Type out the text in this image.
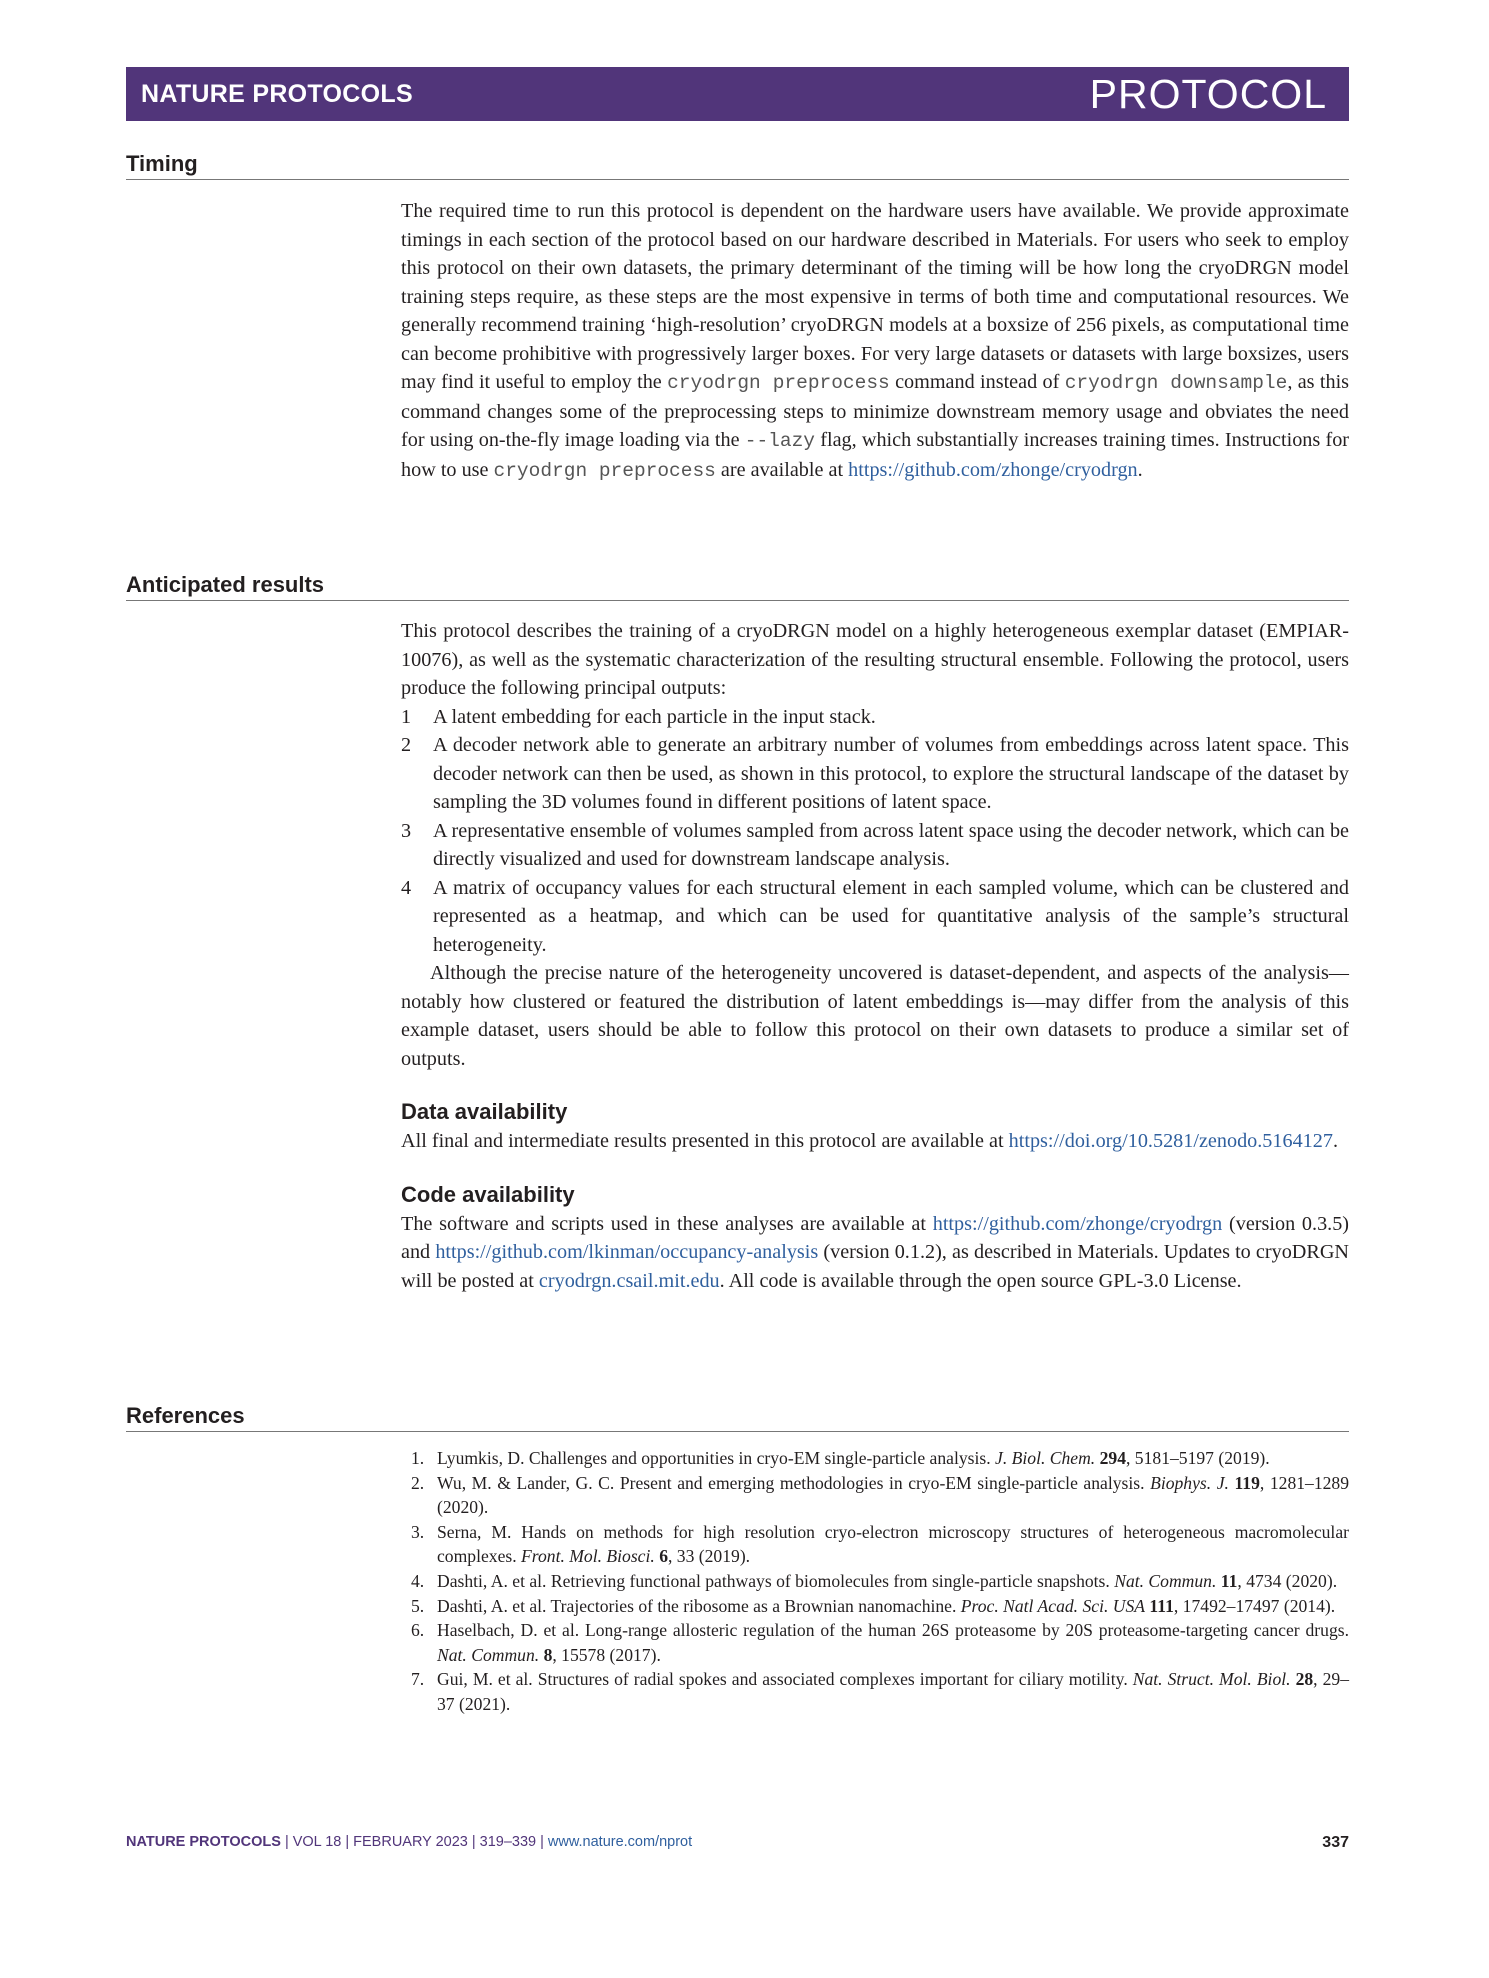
NATURE PROTOCOLS	PROTOCOL
Timing

The required time to run this protocol is dependent on the hardware users have available. We provide approximate timings in each section of the protocol based on our hardware described in Materials. For users who seek to employ this protocol on their own datasets, the primary determinant of the timing will be how long the cryoDRGN model training steps require, as these steps are the most expensive in terms of both time and computational resources. We generally recommend training ‘high-resolution’ cryoDRGN models at a boxsize of 256 pixels, as computational time can become prohibitive with progressively larger boxes. For very large datasets or datasets with large boxsizes, users may find it useful to employ the cryodrgn preprocess command instead of cryodrgn downsample, as this command changes some of the preprocessing steps to minimize downstream memory usage and obviates the need for using on-the-fly image loading via the --lazy flag, which substantially increases training times. Instructions for how to use cryodrgn preprocess are available at https://github.com/zhonge/cryodrgn.

Anticipated results

This protocol describes the training of a cryoDRGN model on a highly heterogeneous exemplar dataset (EMPIAR-10076), as well as the systematic characterization of the resulting structural ensemble. Following the protocol, users produce the following principal outputs:

1 A latent embedding for each particle in the input stack.
2 A decoder network able to generate an arbitrary number of volumes from embeddings across latent space. This decoder network can then be used, as shown in this protocol, to explore the structural landscape of the dataset by sampling the 3D volumes found in different positions of latent space.
3 A representative ensemble of volumes sampled from across latent space using the decoder network, which can be directly visualized and used for downstream landscape analysis.
4 A matrix of occupancy values for each structural element in each sampled volume, which can be clustered and represented as a heatmap, and which can be used for quantitative analysis of the sample’s structural heterogeneity.

Although the precise nature of the heterogeneity uncovered is dataset-dependent, and aspects of the analysis—notably how clustered or featured the distribution of latent embeddings is—may differ from the analysis of this example dataset, users should be able to follow this protocol on their own datasets to produce a similar set of outputs.

Data availability

All final and intermediate results presented in this protocol are available at https://doi.org/10.5281/zenodo.5164127.

Code availability

The software and scripts used in these analyses are available at https://github.com/zhonge/cryodrgn (version 0.3.5) and https://github.com/lkinman/occupancy-analysis (version 0.1.2), as described in Materials. Updates to cryoDRGN will be posted at cryodrgn.csail.mit.edu. All code is available through the open source GPL-3.0 License.

References
1. Lyumkis, D. Challenges and opportunities in cryo-EM single-particle analysis. J. Biol. Chem. 294, 5181–5197 (2019).
2. Wu, M. & Lander, G. C. Present and emerging methodologies in cryo-EM single-particle analysis. Biophys. J. 119, 1281–1289 (2020).
3. Serna, M. Hands on methods for high resolution cryo-electron microscopy structures of heterogeneous macromolecular complexes. Front. Mol. Biosci. 6, 33 (2019).
4. Dashti, A. et al. Retrieving functional pathways of biomolecules from single-particle snapshots. Nat. Commun. 11, 4734 (2020).
5. Dashti, A. et al. Trajectories of the ribosome as a Brownian nanomachine. Proc. Natl Acad. Sci. USA 111, 17492–17497 (2014).
6. Haselbach, D. et al. Long-range allosteric regulation of the human 26S proteasome by 20S proteasome-targeting cancer drugs. Nat. Commun. 8, 15578 (2017).
7. Gui, M. et al. Structures of radial spokes and associated complexes important for ciliary motility. Nat. Struct. Mol. Biol. 28, 29–37 (2021).
NATURE PROTOCOLS | VOL 18 | FEBRUARY 2023 | 319–339 | www.nature.com/nprot	337
